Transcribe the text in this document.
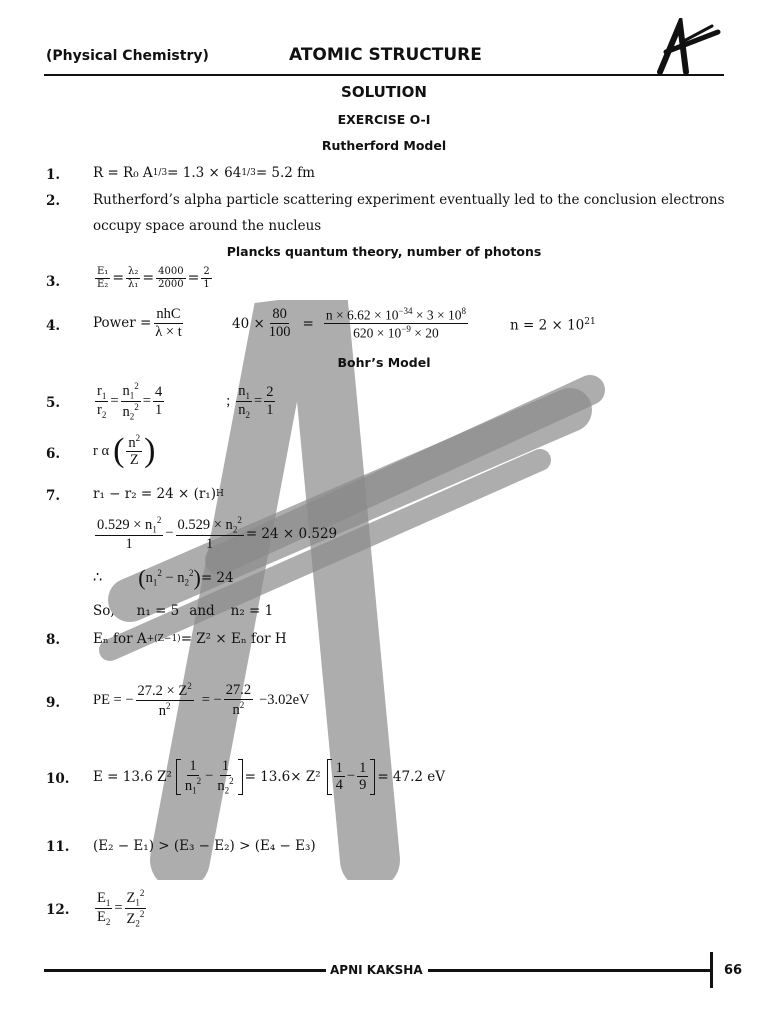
(Physical Chemistry)	ATOMIC STRUCTURE
SOLUTION
EXERCISE O-I
Rutherford Model
1. R = R₀ A 1/3 = 1.3 × 64 1/3 = 5.2 fm
2. Rutherford’s alpha particle scattering experiment eventually led to the conclusion electrons
occupy space around the nucleus
Plancks quantum theory, number of photons
3.	$\frac{\text{E₁}}{\text{E₂}} = \frac{\text{λ₂}}{\text{λ₁}} = \frac{4000}{2000} = \frac{2}{1}$
4. Power = $\frac{\text{nhC}}{\lambda \times t}$	$40 \times \frac{80}{100} = \frac{n \times 6.62 \times 10^{-34} \times 3 \times 10^8}{620 \times 10^{-9} \times 20}$	$n = 2 \times 10^{21}$
Bohr’s Model
5. $\frac{r_1}{r_2} = \frac{n_1^2}{n_2^2} = \frac{4}{1}$	; $\frac{n_1}{n_2} = \frac{2}{1}$
6. r α ( $\frac{n^2}{Z}$ )
7. r₁ − r₂ = 24 × (r₁) H
$\frac{0.529 \times n_1^2}{1} - \frac{0.529 \times n_2^2}{1} = 24 \times 0.529$
∴ ( $n_1^2 - n_2^2$ ) = 24
So, n₁ = 5 and n₂ = 1
8. Eₙ for A +(Z−1) = Z² × Eₙ for H
9. PE = − $\frac{27.2 \times Z^2}{n^2}$ = − $\frac{27.2}{n^2} -3.02eV$
10. E = 13.6 $Z^2 \frac{1}{n_1^2} - \frac{1}{n_2^2} = 13.6\times Z^2 \frac{1}{4} - \frac{1}{9} = 47.2$ eV
11. (E₂ − E₁) > (E₃ − E₂) > (E₄ − E₃)
12. $\frac{E_1}{E_2} = \frac{Z_1^2}{Z_2^2}$
APNI KAKSHA	66
